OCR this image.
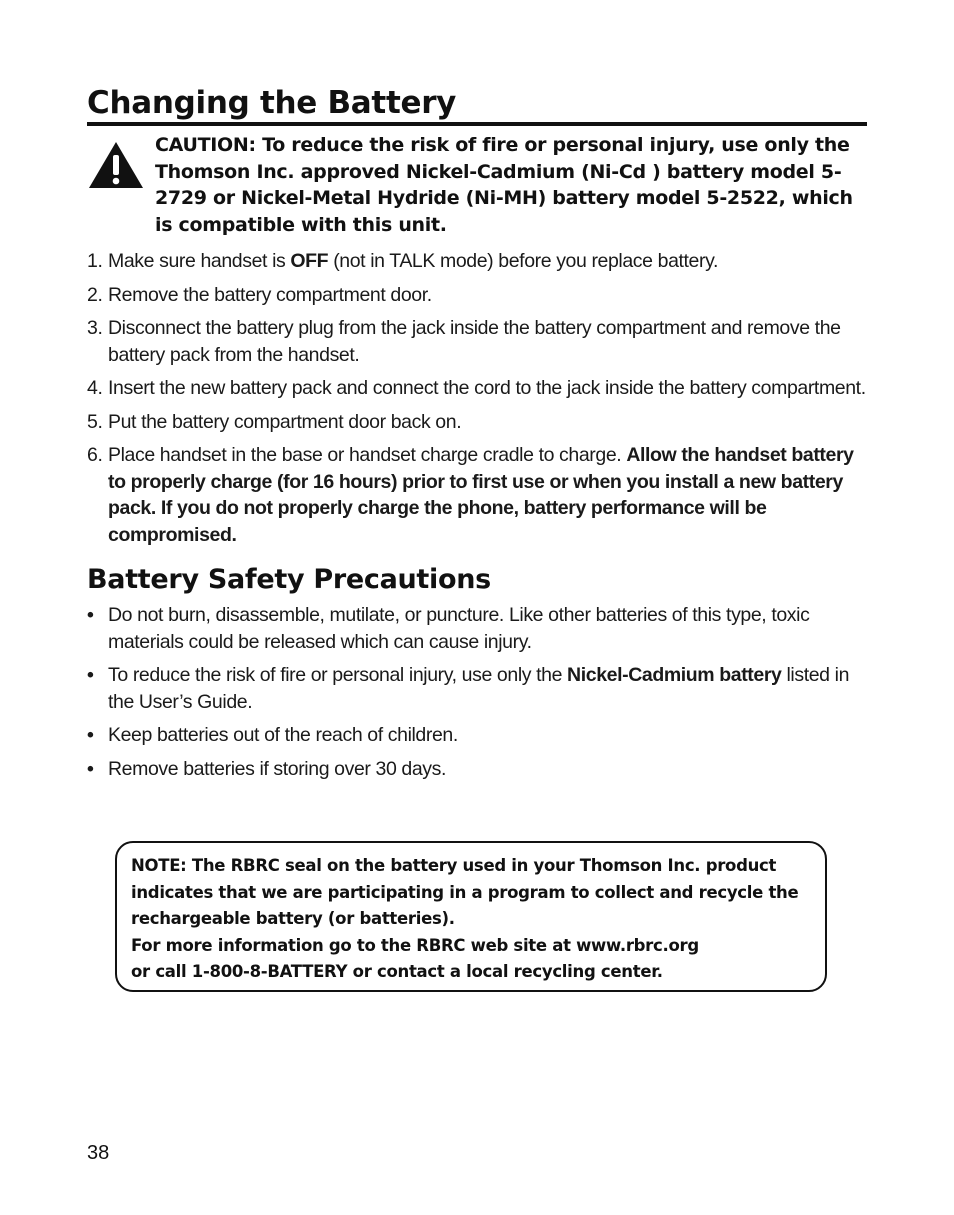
Changing the Battery
CAUTION: To reduce the risk of fire or personal injury, use only the Thomson Inc. approved Nickel-Cadmium (Ni-Cd ) battery model 5-2729 or Nickel-Metal Hydride (Ni-MH) battery model 5-2522, which is compatible with this unit.
1. Make sure handset is OFF (not in TALK mode) before you replace battery.
2. Remove the battery compartment door.
3. Disconnect the battery plug from the jack inside the battery compartment and remove the battery pack from the handset.
4. Insert the new battery pack and connect the cord to the jack inside the battery compartment.
5. Put the battery compartment door back on.
6. Place handset in the base or handset charge cradle to charge. Allow the handset battery to properly charge (for 16 hours) prior to first use or when you install a new battery pack. If you do not properly charge the phone, battery performance will be compromised.
Battery Safety Precautions
• Do not burn, disassemble, mutilate, or puncture. Like other batteries of this type, toxic materials could be released which can cause injury.
• To reduce the risk of fire or personal injury, use only the Nickel-Cadmium battery listed in the User’s Guide.
• Keep batteries out of the reach of children.
• Remove batteries if storing over 30 days.
NOTE: The RBRC seal on the battery used in your Thomson Inc. product indicates that we are participating in a program to collect and recycle the rechargeable battery (or batteries).
For more information go to the RBRC web site at www.rbrc.org
or call 1-800-8-BATTERY or contact a local recycling center.
38
